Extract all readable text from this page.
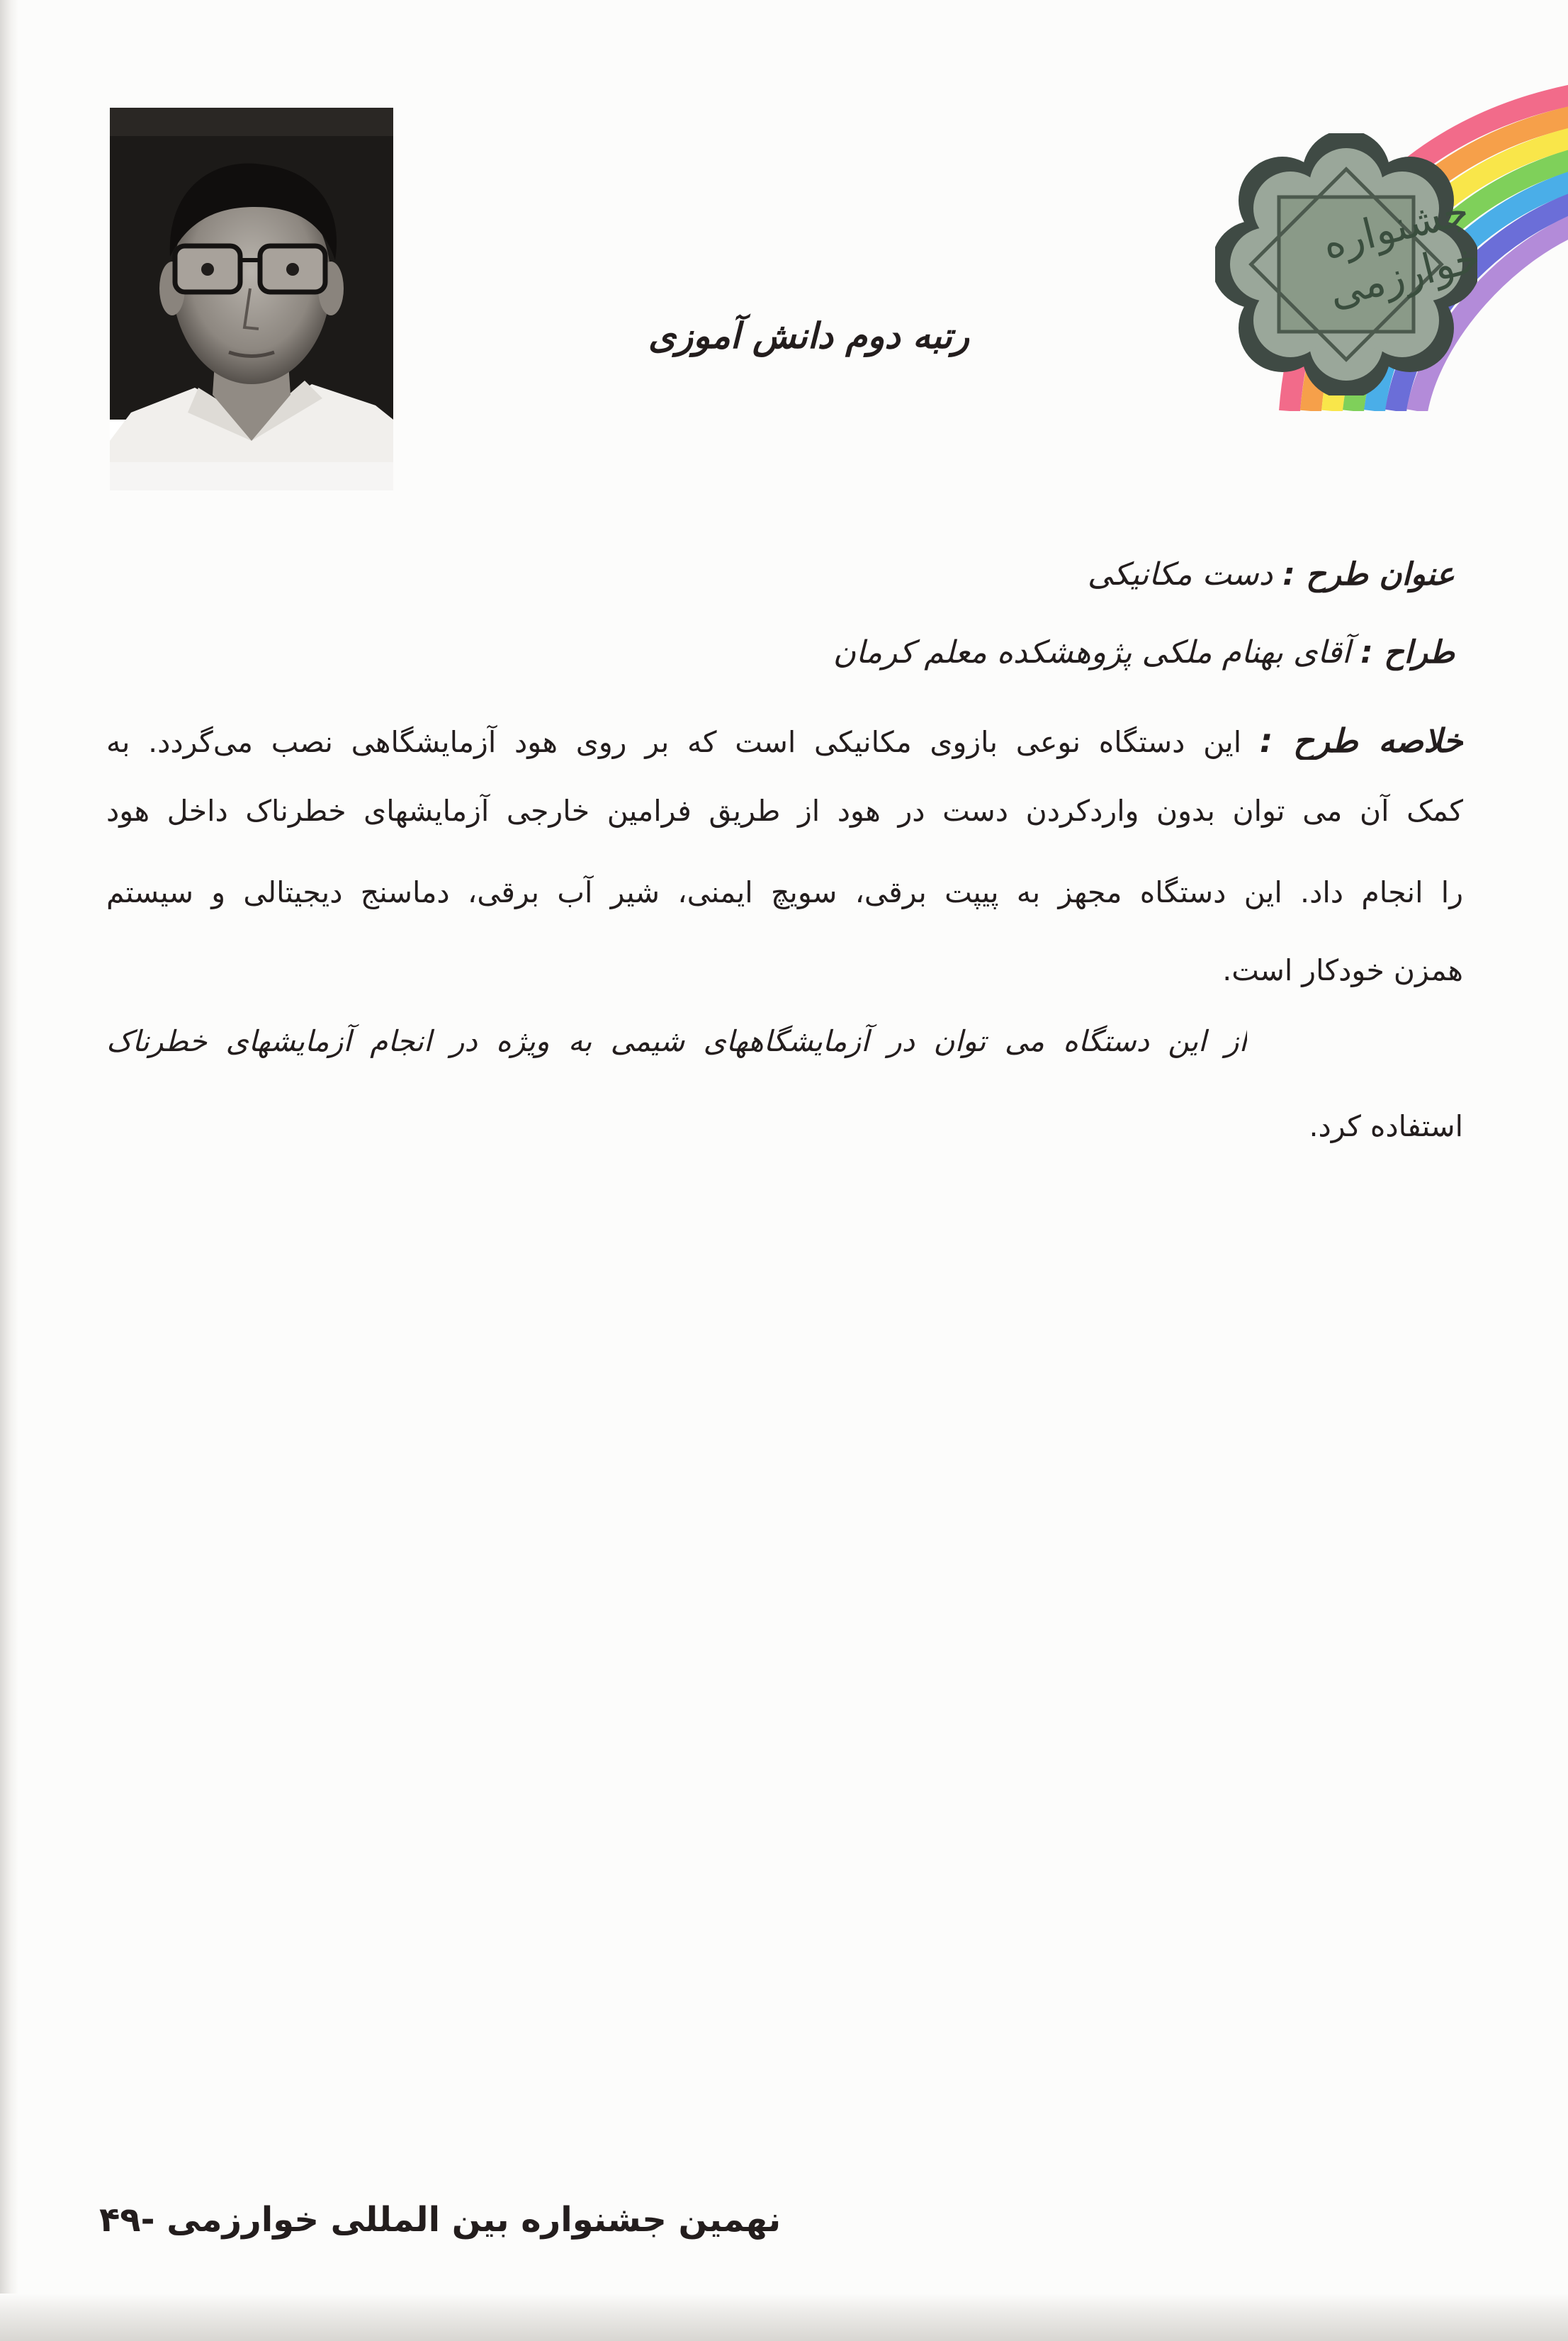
جشنواره خوارزمی
رتبه دوم دانش آموزی
عنوان طرح : دست مکانیکی
طراح : آقای بهنام ملکی پژوهشکده معلم کرمان
خلاصه طرح : این دستگاه نوعی بازوی مکانیکی است که بر روی هود آزمایشگاهی نصب می‌گردد. به
کمک آن می توان بدون واردکردن دست در هود از طریق فرامین خارجی آزمایشهای خطرناک داخل هود
را انجام داد. این دستگاه مجهز به پیپت برقی، سویچ ایمنی، شیر آب برقی، دماسنج دیجیتالی و سیستم
همزن خودکار است.
از این دستگاه می توان در آزمایشگاههای شیمی به ویژه در انجام آزمایشهای خطرناک
استفاده کرد.
نهمین جشنواره بین المللی خوارزمی -۴۹
